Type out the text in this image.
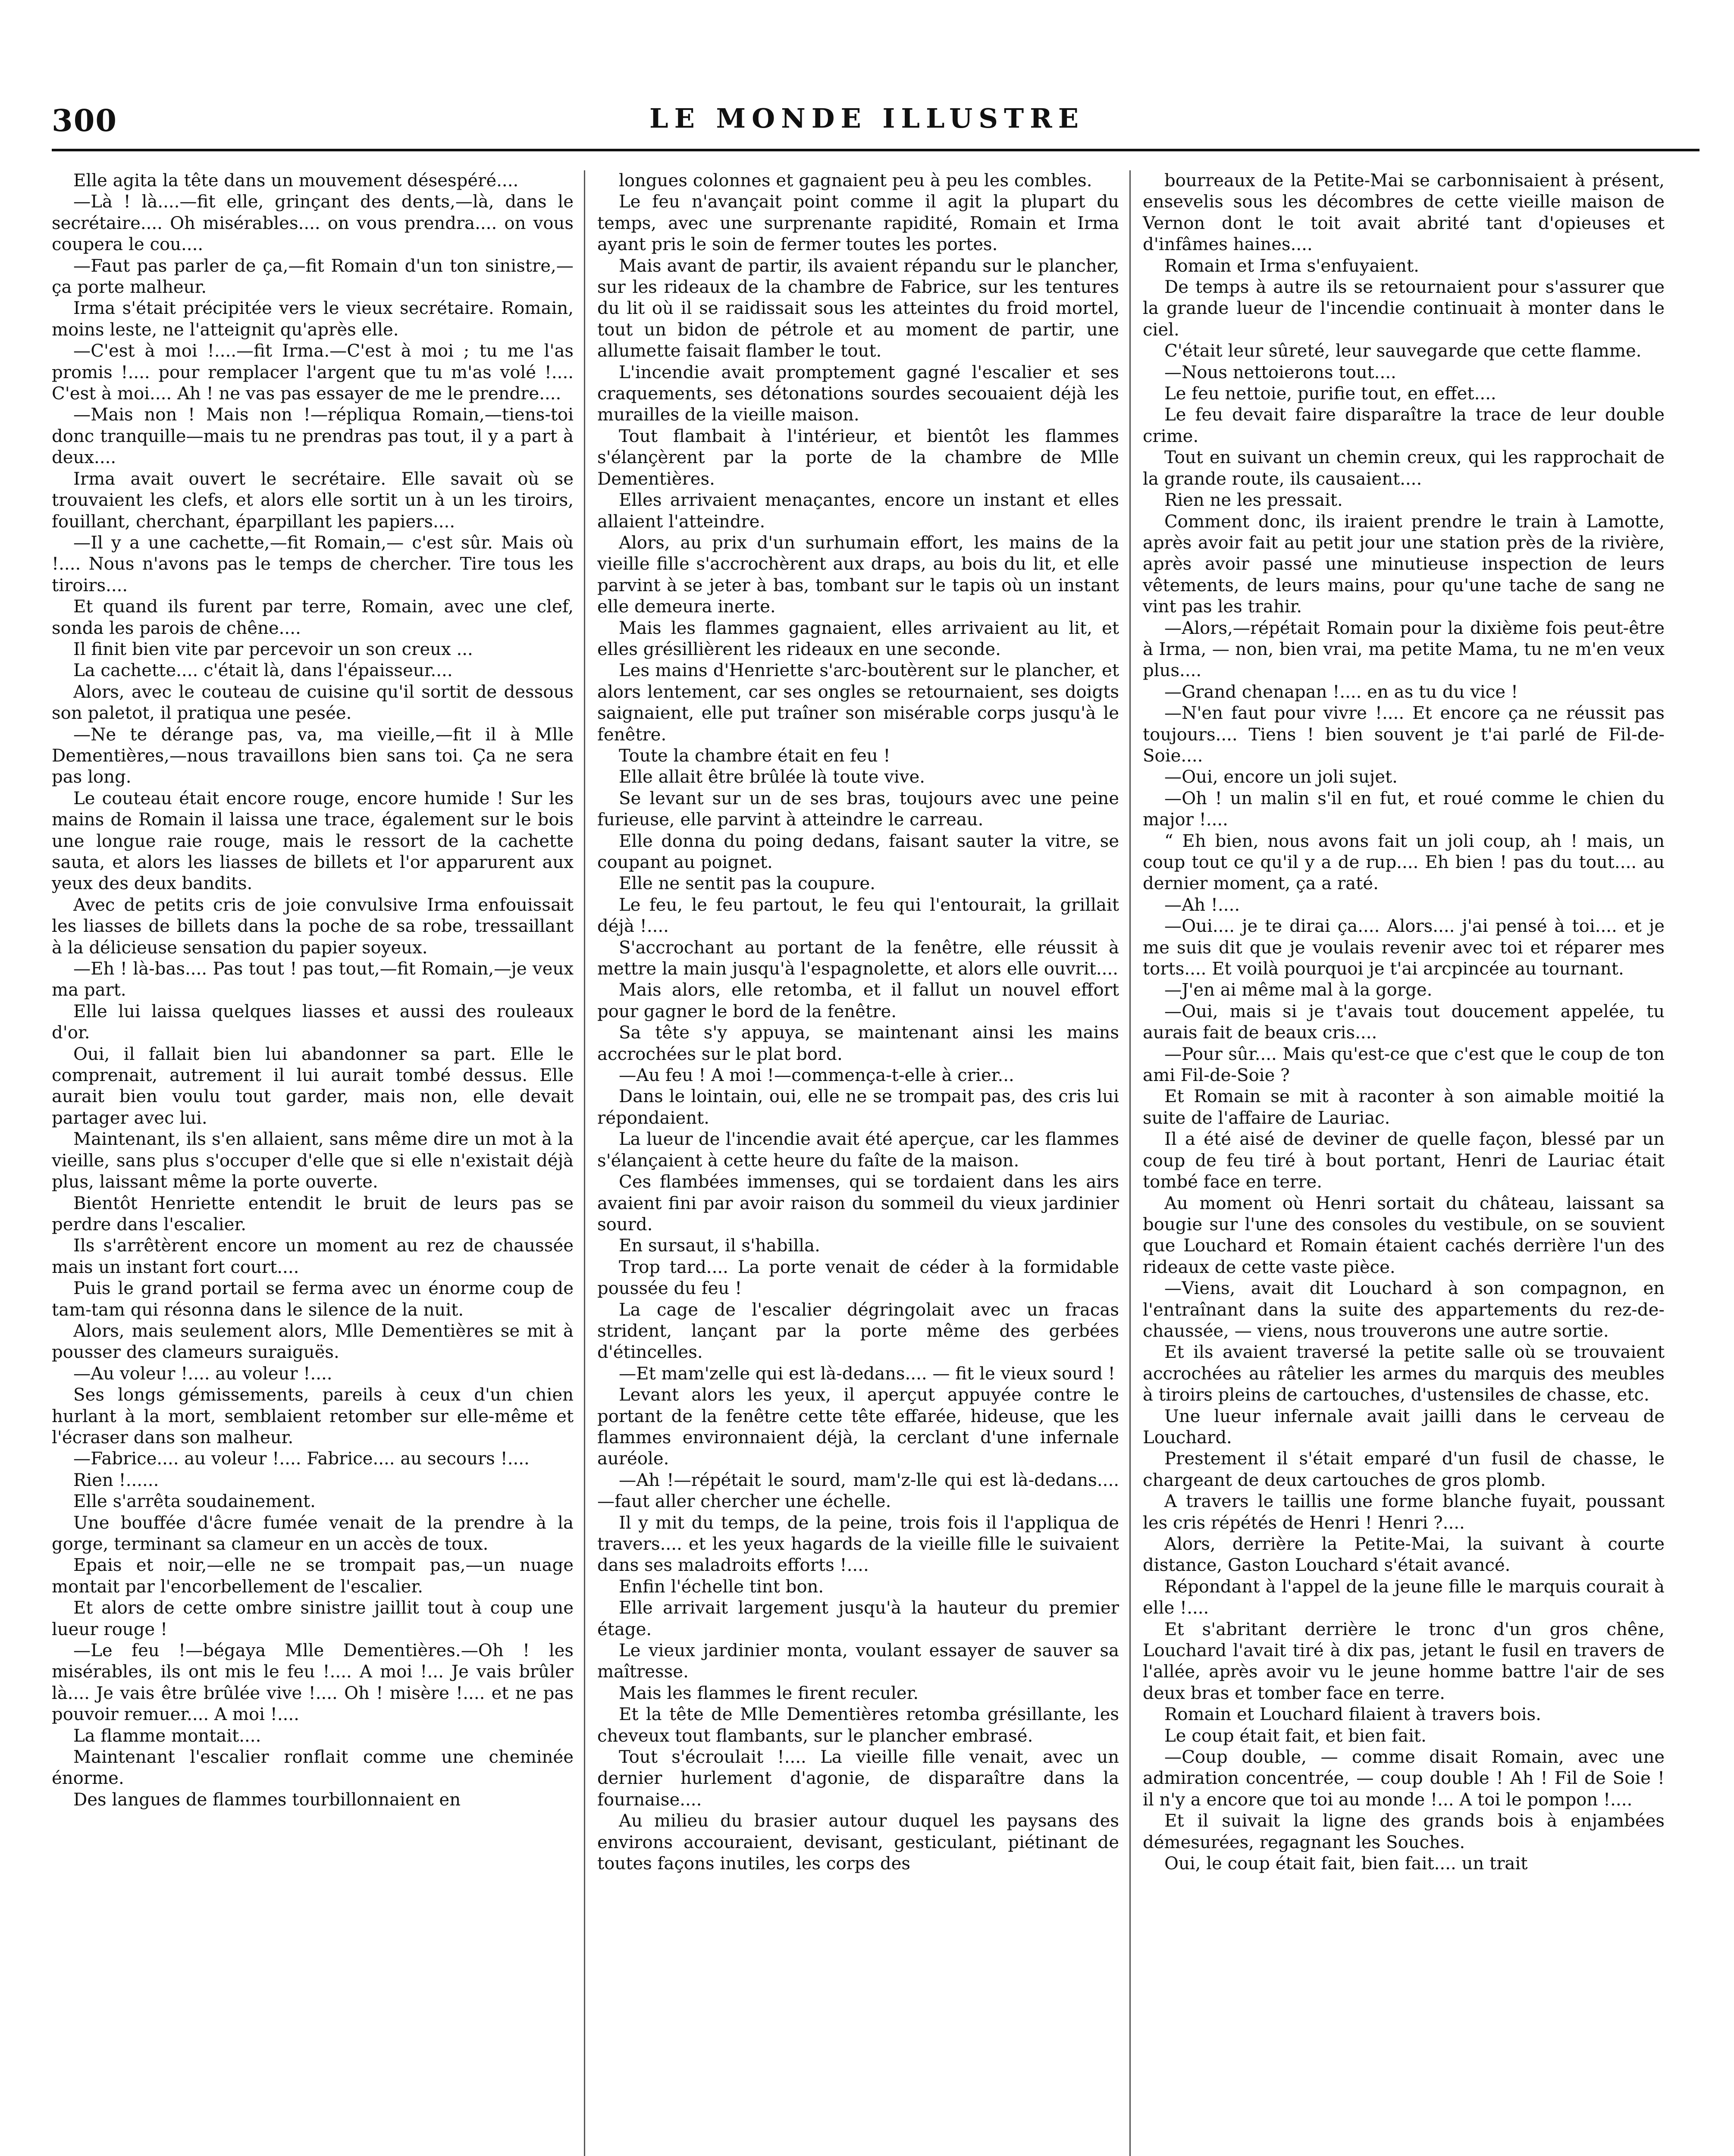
300	LE MONDE ILLUSTRE

Elle agita la tête dans un mouvement désespéré....

—Là ! là....—fit elle, grinçant des dents,—là, dans le secrétaire.... Oh misérables.... on vous prendra.... on vous coupera le cou....

—Faut pas parler de ça,—fit Romain d'un ton sinistre,—ça porte malheur.

Irma s'était précipitée vers le vieux secrétaire. Romain, moins leste, ne l'atteignit qu'après elle.

—C'est à moi !....—fit Irma.—C'est à moi ; tu me l'as promis !.... pour remplacer l'argent que tu m'as volé !.... C'est à moi.... Ah ! ne vas pas essayer de me le prendre....

—Mais non ! Mais non !—répliqua Romain,—tiens-toi donc tranquille—mais tu ne prendras pas tout, il y a part à deux....

Irma avait ouvert le secrétaire. Elle savait où se trouvaient les clefs, et alors elle sortit un à un les tiroirs, fouillant, cherchant, éparpillant les papiers....

—Il y a une cachette,—fit Romain,— c'est sûr. Mais où !.... Nous n'avons pas le temps de chercher. Tire tous les tiroirs....

Et quand ils furent par terre, Romain, avec une clef, sonda les parois de chêne....

Il finit bien vite par percevoir un son creux ...

La cachette.... c'était là, dans l'épaisseur....

Alors, avec le couteau de cuisine qu'il sortit de dessous son paletot, il pratiqua une pesée.

—Ne te dérange pas, va, ma vieille,—fit il à Mlle Dementières,—nous travaillons bien sans toi. Ça ne sera pas long.

Le couteau était encore rouge, encore humide ! Sur les mains de Romain il laissa une trace, également sur le bois une longue raie rouge, mais le ressort de la cachette sauta, et alors les liasses de billets et l'or apparurent aux yeux des deux bandits.

Avec de petits cris de joie convulsive Irma enfouissait les liasses de billets dans la poche de sa robe, tressaillant à la délicieuse sensation du papier soyeux.

—Eh ! là-bas.... Pas tout ! pas tout,—fit Romain,—je veux ma part.

Elle lui laissa quelques liasses et aussi des rouleaux d'or.

Oui, il fallait bien lui abandonner sa part. Elle le comprenait, autrement il lui aurait tombé dessus. Elle aurait bien voulu tout garder, mais non, elle devait partager avec lui.

Maintenant, ils s'en allaient, sans même dire un mot à la vieille, sans plus s'occuper d'elle que si elle n'existait déjà plus, laissant même la porte ouverte.

Bientôt Henriette entendit le bruit de leurs pas se perdre dans l'escalier.

Ils s'arrêtèrent encore un moment au rez de chaussée mais un instant fort court....

Puis le grand portail se ferma avec un énorme coup de tam-tam qui résonna dans le silence de la nuit.

Alors, mais seulement alors, Mlle Dementières se mit à pousser des clameurs suraiguës.

—Au voleur !.... au voleur !....

Ses longs gémissements, pareils à ceux d'un chien hurlant à la mort, semblaient retomber sur elle-même et l'écraser dans son malheur.

—Fabrice.... au voleur !.... Fabrice.... au secours !....

Rien !......

Elle s'arrêta soudainement.

Une bouffée d'âcre fumée venait de la prendre à la gorge, terminant sa clameur en un accès de toux.

Epais et noir,—elle ne se trompait pas,—un nuage montait par l'encorbellement de l'escalier.

Et alors de cette ombre sinistre jaillit tout à coup une lueur rouge !

—Le feu !—bégaya Mlle Dementières.—Oh ! les misérables, ils ont mis le feu !.... A moi !... Je vais brûler là.... Je vais être brûlée vive !.... Oh ! misère !.... et ne pas pouvoir remuer.... A moi !....

La flamme montait....

Maintenant l'escalier ronflait comme une cheminée énorme.

Des langues de flammes tourbillonnaient en

longues colonnes et gagnaient peu à peu les combles.

Le feu n'avançait point comme il agit la plupart du temps, avec une surprenante rapidité, Romain et Irma ayant pris le soin de fermer toutes les portes.

Mais avant de partir, ils avaient répandu sur le plancher, sur les rideaux de la chambre de Fabrice, sur les tentures du lit où il se raidissait sous les atteintes du froid mortel, tout un bidon de pétrole et au moment de partir, une allumette faisait flamber le tout.

L'incendie avait promptement gagné l'escalier et ses craquements, ses détonations sourdes secouaient déjà les murailles de la vieille maison.

Tout flambait à l'intérieur, et bientôt les flammes s'élançèrent par la porte de la chambre de Mlle Dementières.

Elles arrivaient menaçantes, encore un instant et elles allaient l'atteindre.

Alors, au prix d'un surhumain effort, les mains de la vieille fille s'accrochèrent aux draps, au bois du lit, et elle parvint à se jeter à bas, tombant sur le tapis où un instant elle demeura inerte.

Mais les flammes gagnaient, elles arrivaient au lit, et elles grésillièrent les rideaux en une seconde.

Les mains d'Henriette s'arc-boutèrent sur le plancher, et alors lentement, car ses ongles se retournaient, ses doigts saignaient, elle put traîner son misérable corps jusqu'à le fenêtre.

Toute la chambre était en feu !

Elle allait être brûlée là toute vive.

Se levant sur un de ses bras, toujours avec une peine furieuse, elle parvint à atteindre le carreau.

Elle donna du poing dedans, faisant sauter la vitre, se coupant au poignet.

Elle ne sentit pas la coupure.

Le feu, le feu partout, le feu qui l'entourait, la grillait déjà !....

S'accrochant au portant de la fenêtre, elle réussit à mettre la main jusqu'à l'espagnolette, et alors elle ouvrit....

Mais alors, elle retomba, et il fallut un nouvel effort pour gagner le bord de la fenêtre.

Sa tête s'y appuya, se maintenant ainsi les mains accrochées sur le plat bord.

—Au feu ! A moi !—commença-t-elle à crier...

Dans le lointain, oui, elle ne se trompait pas, des cris lui répondaient.

La lueur de l'incendie avait été aperçue, car les flammes s'élançaient à cette heure du faîte de la maison.

Ces flambées immenses, qui se tordaient dans les airs avaient fini par avoir raison du sommeil du vieux jardinier sourd.

En sursaut, il s'habilla.

Trop tard.... La porte venait de céder à la formidable poussée du feu !

La cage de l'escalier dégringolait avec un fracas strident, lançant par la porte même des gerbées d'étincelles.

—Et mam'zelle qui est là-dedans.... — fit le vieux sourd !

Levant alors les yeux, il aperçut appuyée contre le portant de la fenêtre cette tête effarée, hideuse, que les flammes environnaient déjà, la cerclant d'une infernale auréole.

—Ah !—répétait le sourd, mam'z-lle qui est là-dedans....—faut aller chercher une échelle.

Il y mit du temps, de la peine, trois fois il l'appliqua de travers.... et les yeux hagards de la vieille fille le suivaient dans ses maladroits efforts !....

Enfin l'échelle tint bon.

Elle arrivait largement jusqu'à la hauteur du premier étage.

Le vieux jardinier monta, voulant essayer de sauver sa maîtresse.

Mais les flammes le firent reculer.

Et la tête de Mlle Dementières retomba grésillante, les cheveux tout flambants, sur le plancher embrasé.

Tout s'écroulait !.... La vieille fille venait, avec un dernier hurlement d'agonie, de disparaître dans la fournaise....

Au milieu du brasier autour duquel les paysans des environs accouraient, devisant, gesticulant, piétinant de toutes façons inutiles, les corps des

bourreaux de la Petite-Mai se carbonnisaient à présent, ensevelis sous les décombres de cette vieille maison de Vernon dont le toit avait abrité tant d'opieuses et d'infâmes haines....

Romain et Irma s'enfuyaient.

De temps à autre ils se retournaient pour s'assurer que la grande lueur de l'incendie continuait à monter dans le ciel.

C'était leur sûreté, leur sauvegarde que cette flamme.

—Nous nettoierons tout....

Le feu nettoie, purifie tout, en effet....

Le feu devait faire disparaître la trace de leur double crime.

Tout en suivant un chemin creux, qui les rapprochait de la grande route, ils causaient....

Rien ne les pressait.

Comment donc, ils iraient prendre le train à Lamotte, après avoir fait au petit jour une station près de la rivière, après avoir passé une minutieuse inspection de leurs vêtements, de leurs mains, pour qu'une tache de sang ne vint pas les trahir.

—Alors,—répétait Romain pour la dixième fois peut-être à Irma, — non, bien vrai, ma petite Mama, tu ne m'en veux plus....

—Grand chenapan !.... en as tu du vice !

—N'en faut pour vivre !.... Et encore ça ne réussit pas toujours.... Tiens ! bien souvent je t'ai parlé de Fil-de-Soie....

—Oui, encore un joli sujet.

—Oh ! un malin s'il en fut, et roué comme le chien du major !....

“ Eh bien, nous avons fait un joli coup, ah ! mais, un coup tout ce qu'il y a de rup.... Eh bien ! pas du tout.... au dernier moment, ça a raté.

—Ah !....

—Oui.... je te dirai ça.... Alors.... j'ai pensé à toi.... et je me suis dit que je voulais revenir avec toi et réparer mes torts.... Et voilà pourquoi je t'ai arcpincée au tournant.

—J'en ai même mal à la gorge.

—Oui, mais si je t'avais tout doucement appelée, tu aurais fait de beaux cris....

—Pour sûr.... Mais qu'est-ce que c'est que le coup de ton ami Fil-de-Soie ?

Et Romain se mit à raconter à son aimable moitié la suite de l'affaire de Lauriac.

Il a été aisé de deviner de quelle façon, blessé par un coup de feu tiré à bout portant, Henri de Lauriac était tombé face en terre.

Au moment où Henri sortait du château, laissant sa bougie sur l'une des consoles du vestibule, on se souvient que Louchard et Romain étaient cachés derrière l'un des rideaux de cette vaste pièce.

—Viens, avait dit Louchard à son compagnon, en l'entraînant dans la suite des appartements du rez-de-chaussée, — viens, nous trouverons une autre sortie.

Et ils avaient traversé la petite salle où se trouvaient accrochées au râtelier les armes du marquis des meubles à tiroirs pleins de cartouches, d'ustensiles de chasse, etc.

Une lueur infernale avait jailli dans le cerveau de Louchard.

Prestement il s'était emparé d'un fusil de chasse, le chargeant de deux cartouches de gros plomb.

A travers le taillis une forme blanche fuyait, poussant les cris répétés de Henri ! Henri ?....

Alors, derrière la Petite-Mai, la suivant à courte distance, Gaston Louchard s'était avancé.

Répondant à l'appel de la jeune fille le marquis courait à elle !....

Et s'abritant derrière le tronc d'un gros chêne, Louchard l'avait tiré à dix pas, jetant le fusil en travers de l'allée, après avoir vu le jeune homme battre l'air de ses deux bras et tomber face en terre.

Romain et Louchard filaient à travers bois.

Le coup était fait, et bien fait.

—Coup double, — comme disait Romain, avec une admiration concentrée, — coup double ! Ah ! Fil de Soie ! il n'y a encore que toi au monde !... A toi le pompon !....

Et il suivait la ligne des grands bois à enjambées démesurées, regagnant les Souches.

Oui, le coup était fait, bien fait.... un trait
